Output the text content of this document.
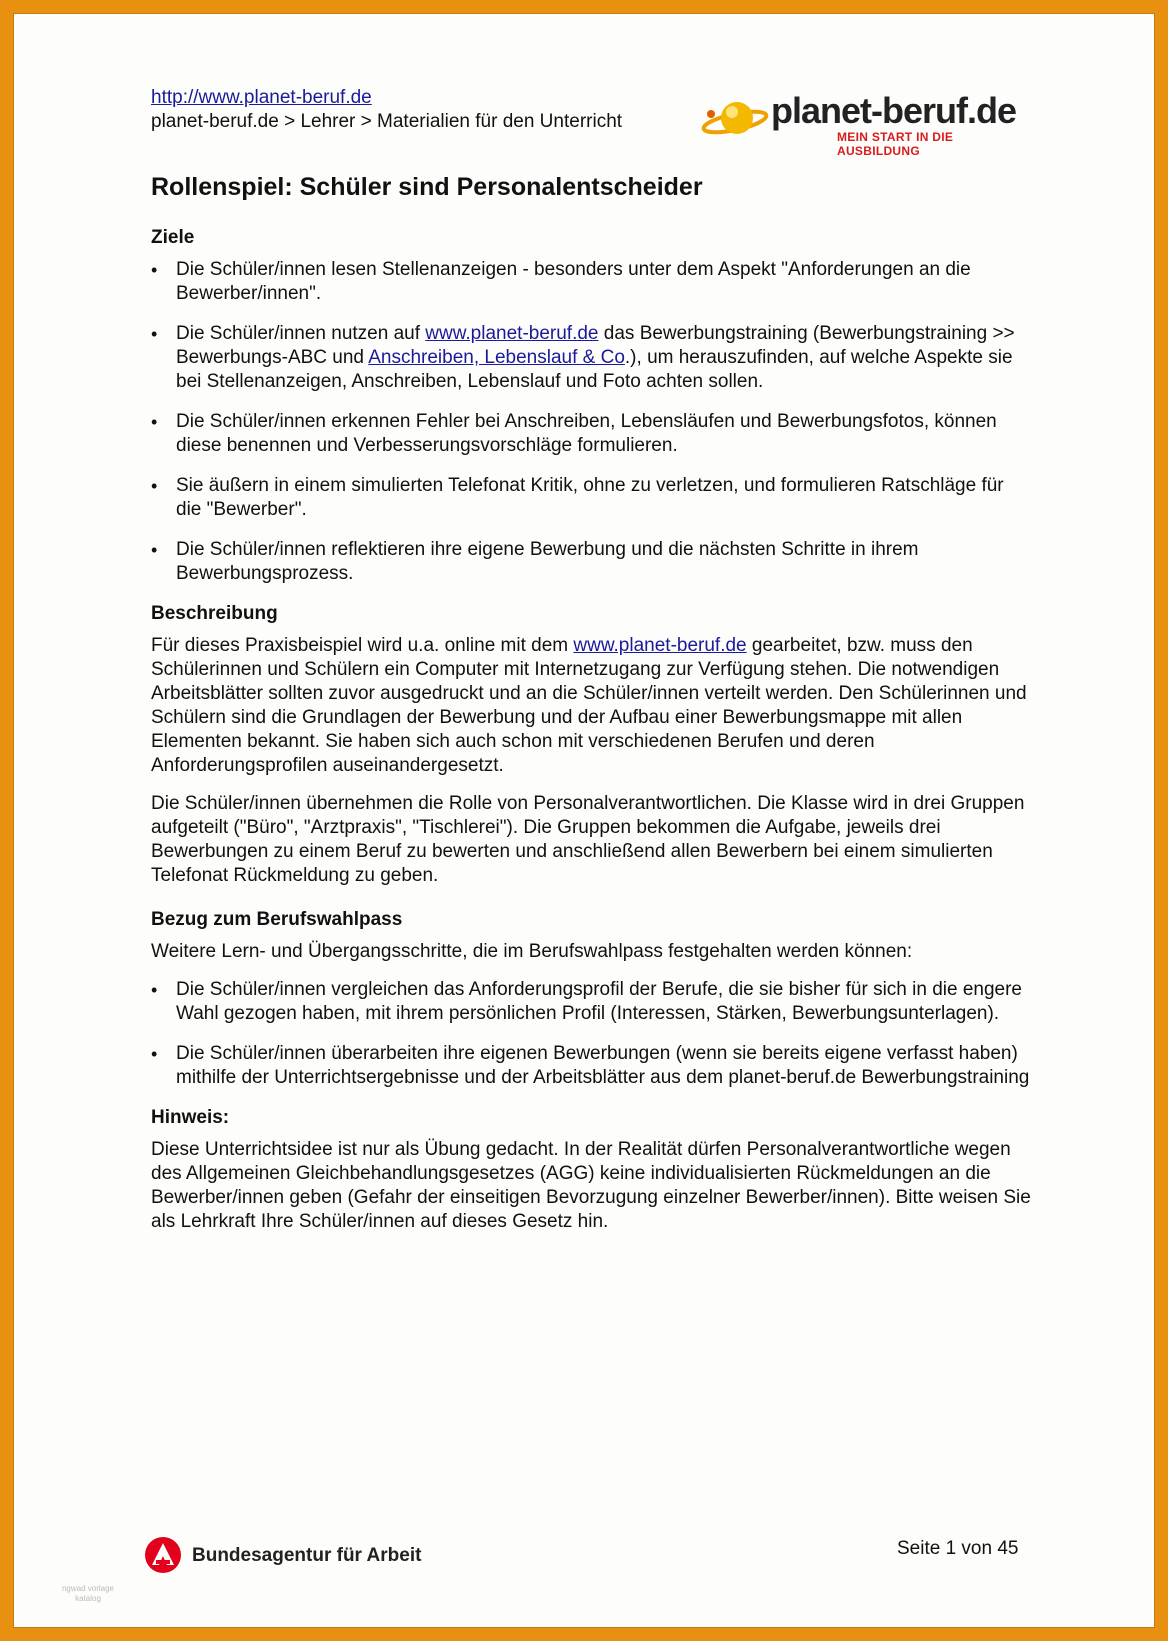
http://www.planet-beruf.de
planet-beruf.de > Lehrer > Materialien für den Unterricht	planet-beruf.de
MEIN START IN DIE AUSBILDUNG
Rollenspiel: Schüler sind Personalentscheider
Ziele
• Die Schüler/innen lesen Stellenanzeigen - besonders unter dem Aspekt "Anforderungen an die Bewerber/innen".
• Die Schüler/innen nutzen auf www.planet-beruf.de das Bewerbungstraining (Bewerbungstraining >> Bewerbungs-ABC und Anschreiben, Lebenslauf & Co.), um herauszufinden, auf welche Aspekte sie bei Stellenanzeigen, Anschreiben, Lebenslauf und Foto achten sollen.
• Die Schüler/innen erkennen Fehler bei Anschreiben, Lebensläufen und Bewerbungsfotos, können diese benennen und Verbesserungsvorschläge formulieren.
• Sie äußern in einem simulierten Telefonat Kritik, ohne zu verletzen, und formulieren Ratschläge für die "Bewerber".
• Die Schüler/innen reflektieren ihre eigene Bewerbung und die nächsten Schritte in ihrem Bewerbungsprozess.
Beschreibung

Für dieses Praxisbeispiel wird u.a. online mit dem www.planet-beruf.de gearbeitet, bzw. muss den Schülerinnen und Schülern ein Computer mit Internetzugang zur Verfügung stehen. Die notwendigen Arbeitsblätter sollten zuvor ausgedruckt und an die Schüler/innen verteilt werden. Den Schülerinnen und Schülern sind die Grundlagen der Bewerbung und der Aufbau einer Bewerbungsmappe mit allen Elementen bekannt. Sie haben sich auch schon mit verschiedenen Berufen und deren Anforderungsprofilen auseinandergesetzt.

Die Schüler/innen übernehmen die Rolle von Personalverantwortlichen. Die Klasse wird in drei Gruppen aufgeteilt ("Büro", "Arztpraxis", "Tischlerei"). Die Gruppen bekommen die Aufgabe, jeweils drei Bewerbungen zu einem Beruf zu bewerten und anschließend allen Bewerbern bei einem simulierten Telefonat Rückmeldung zu geben.

Bezug zum Berufswahlpass

Weitere Lern- und Übergangsschritte, die im Berufswahlpass festgehalten werden können:

• Die Schüler/innen vergleichen das Anforderungsprofil der Berufe, die sie bisher für sich in die engere Wahl gezogen haben, mit ihrem persönlichen Profil (Interessen, Stärken, Bewerbungsunterlagen).
• Die Schüler/innen überarbeiten ihre eigenen Bewerbungen (wenn sie bereits eigene verfasst haben) mithilfe der Unterrichtsergebnisse und der Arbeitsblätter aus dem planet-beruf.de Bewerbungstraining
Hinweis:

Diese Unterrichtsidee ist nur als Übung gedacht. In der Realität dürfen Personalverantwortliche wegen des Allgemeinen Gleichbehandlungsgesetzes (AGG) keine individualisierten Rückmeldungen an die Bewerber/innen geben (Gefahr der einseitigen Bevorzugung einzelner Bewerber/innen). Bitte weisen Sie als Lehrkraft Ihre Schüler/innen auf dieses Gesetz hin.

Bundesagentur für Arbeit	Seite 1 von 45
ngwad vorlage katalog
